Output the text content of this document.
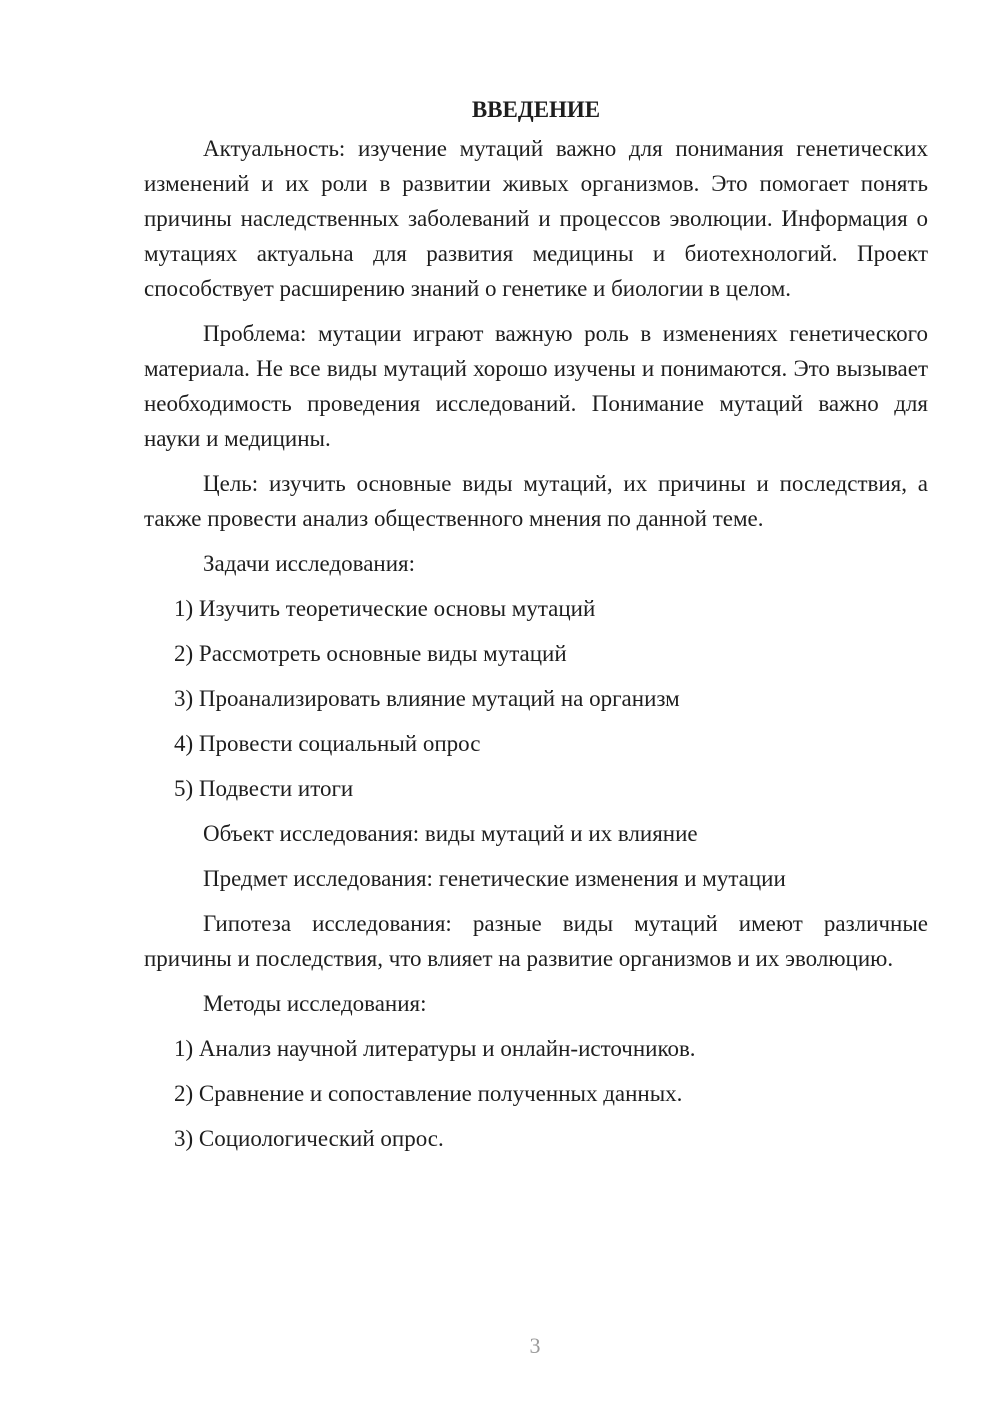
ВВЕДЕНИЕ

Актуальность: изучение мутаций важно для понимания генетических изменений и их роли в развитии живых организмов. Это помогает понять причины наследственных заболеваний и процессов эволюции. Информация о мутациях актуальна для развития медицины и биотехнологий. Проект способствует расширению знаний о генетике и биологии в целом.

Проблема: мутации играют важную роль в изменениях генетического материала. Не все виды мутаций хорошо изучены и понимаются. Это вызывает необходимость проведения исследований. Понимание мутаций важно для науки и медицины.

Цель: изучить основные виды мутаций, их причины и последствия, а также провести анализ общественного мнения по данной теме.

Задачи исследования:
1) Изучить теоретические основы мутаций
2) Рассмотреть основные виды мутаций
3) Проанализировать влияние мутаций на организм
4) Провести социальный опрос
5) Подвести итоги
Объект исследования: виды мутаций и их влияние
Предмет исследования: генетические изменения и мутации

Гипотеза исследования: разные виды мутаций имеют различные причины и последствия, что влияет на развитие организмов и их эволюцию.

Методы исследования:
1) Анализ научной литературы и онлайн-источников.
2) Сравнение и сопоставление полученных данных.
3) Социологический опрос.
3
